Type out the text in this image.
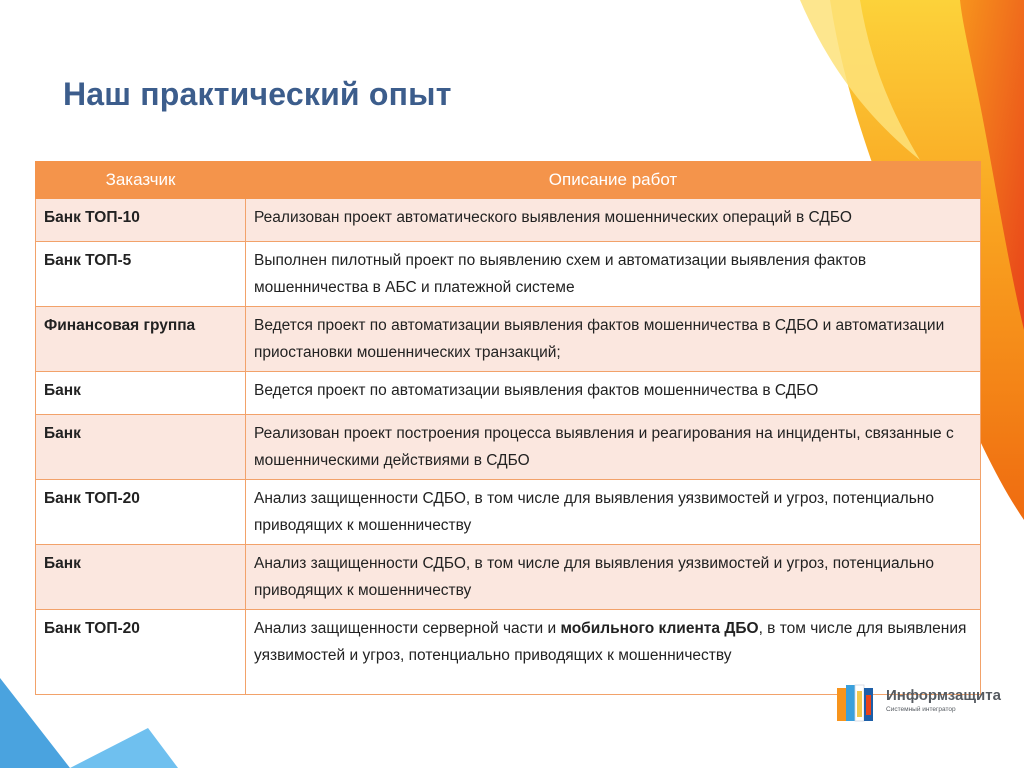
Наш практический опыт
Заказчик	Описание работ
Банк ТОП-10	Реализован проект автоматического выявления мошеннических операций в СДБО
Банк ТОП-5	Выполнен пилотный проект по выявлению схем и автоматизации выявления фактов мошенничества в АБС и платежной системе
Финансовая группа	Ведется проект по автоматизации выявления фактов мошенничества в СДБО и автоматизации приостановки мошеннических транзакций;
Банк	Ведется проект по автоматизации выявления фактов мошенничества в СДБО
Банк	Реализован проект построения процесса выявления и реагирования на инциденты, связанные с мошенническими действиями в СДБО
Банк ТОП-20	Анализ защищенности СДБО, в том числе для выявления уязвимостей и угроз, потенциально приводящих к мошенничеству
Банк	Анализ защищенности СДБО, в том числе для выявления уязвимостей и угроз, потенциально приводящих к мошенничеству
Банк ТОП-20	Анализ защищенности серверной части и мобильного клиента ДБО, в том числе для выявления уязвимостей и угроз, потенциально приводящих к мошенничеству
Информзащита
Системный интегратор
